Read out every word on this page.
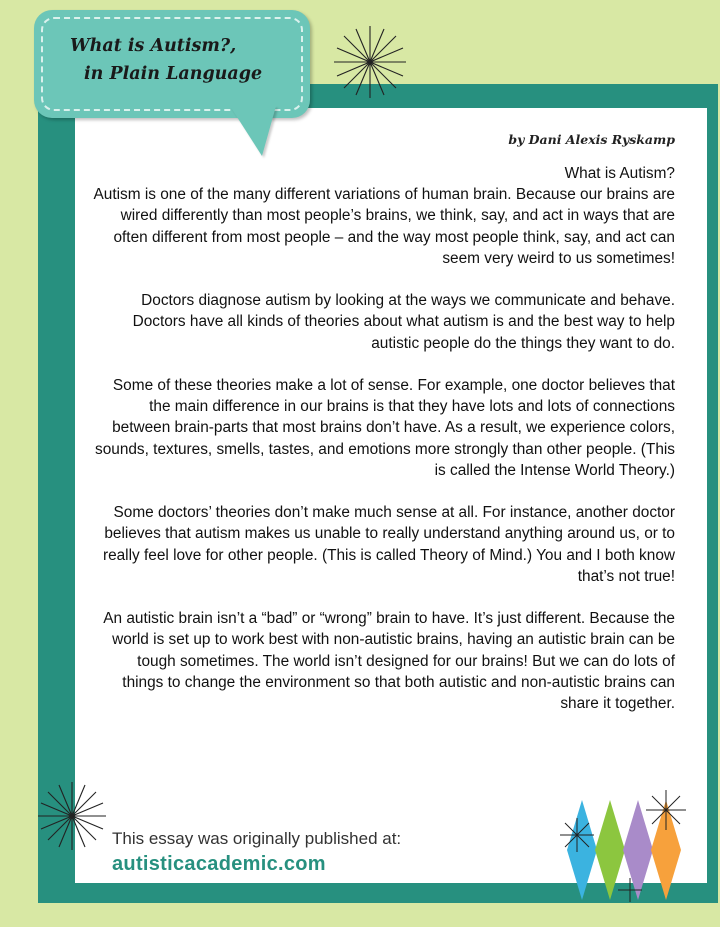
What is Autism?,
in Plain Language

by Dani Alexis Ryskamp

What is Autism?

Autism is one of the many different variations of human brain. Because our brains are wired differently than most people’s brains, we think, say, and act in ways that are often different from most people – and the way most people think, say, and act can seem very weird to us sometimes!

Doctors diagnose autism by looking at the ways we communicate and behave. Doctors have all kinds of theories about what autism is and the best way to help autistic people do the things they want to do.

Some of these theories make a lot of sense. For example, one doctor believes that the main difference in our brains is that they have lots and lots of connections between brain-parts that most brains don’t have. As a result, we experience colors, sounds, textures, smells, tastes, and emotions more strongly than other people. (This is called the Intense World Theory.)

Some doctors’ theories don’t make much sense at all. For instance, another doctor believes that autism makes us unable to really understand anything around us, or to really feel love for other people. (This is called Theory of Mind.) You and I both know that’s not true!

An autistic brain isn’t a “bad” or “wrong” brain to have. It’s just different. Because the world is set up to work best with non-autistic brains, having an autistic brain can be tough sometimes. The world isn’t designed for our brains! But we can do lots of things to change the environment so that both autistic and non-autistic brains can share it together.

This essay was originally published at:

autisticacademic.com
